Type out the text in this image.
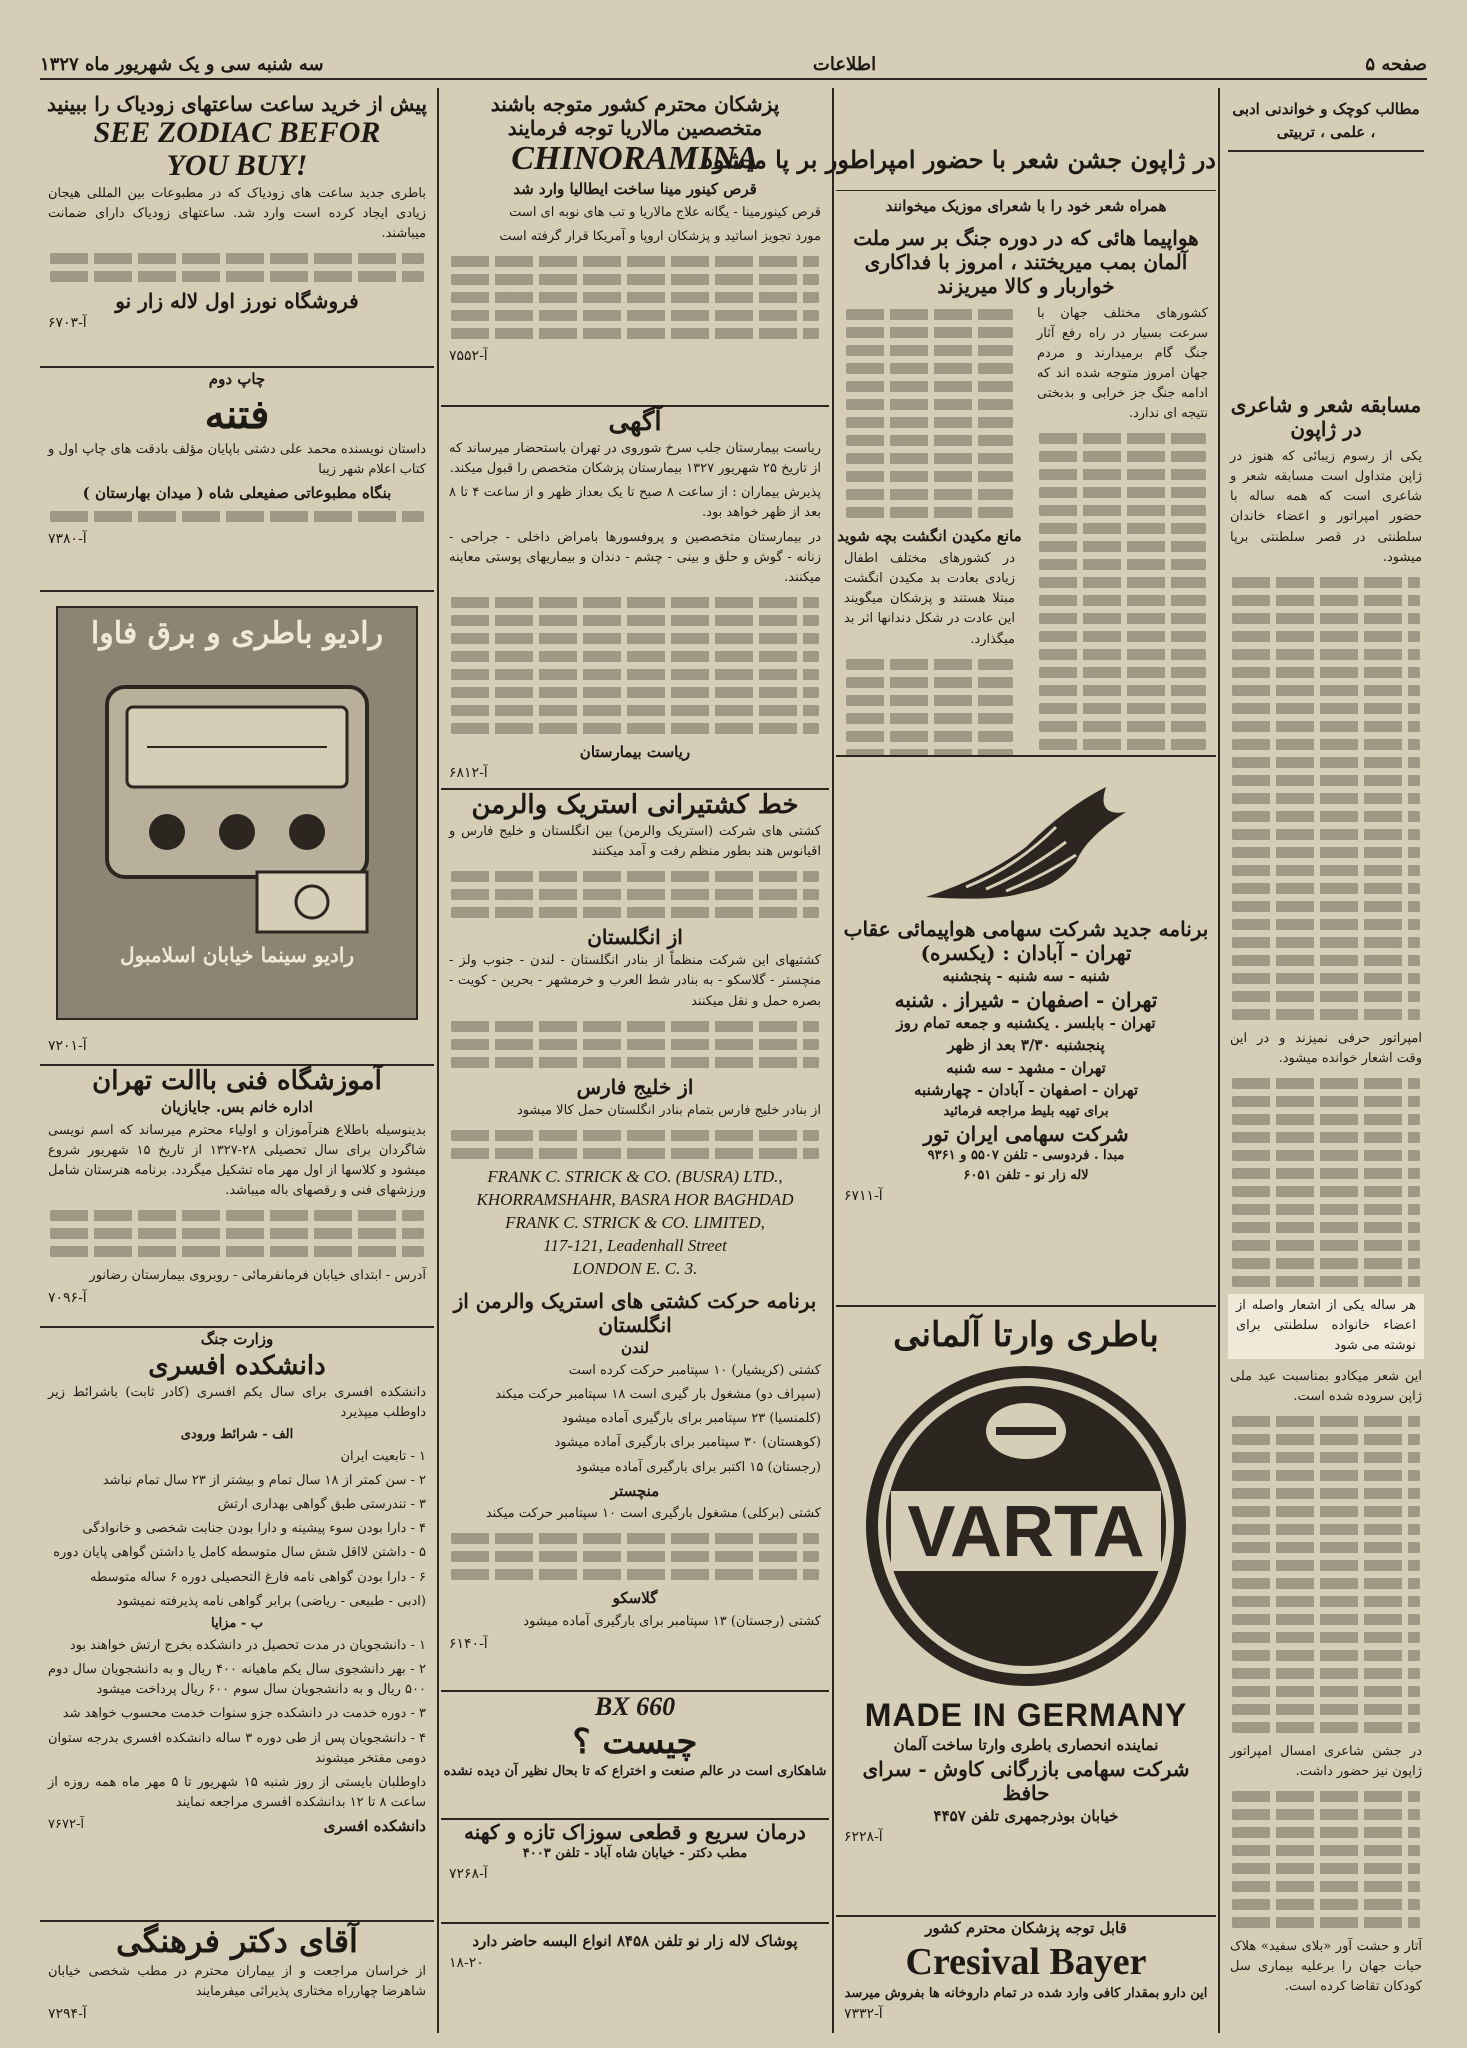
صفحه ۵
اطلاعات
سه شنبه سی و یک شهریور ماه ۱۳۲۷
مطالب کوچک و خواندنی ادبی ، علمی ، تربیتی
مسابقه شعر و شاعری در ژاپون
یکی از رسوم زیبائی که هنوز در ژاپن متداول است مسابقه شعر و شاعری است که همه ساله با حضور امپراتور و اعضاء خاندان سلطنتی در قصر سلطنتی برپا میشود.
امپراتور حرفی نمیزند و در این وقت اشعار خوانده میشود.
هر ساله یکی از اشعار واصله از اعضاء خانواده سلطنتی برای نوشته می شود
این شعر میکادو بمناسبت عید ملی ژاپن سروده شده است.
در جشن شاعری امسال امپراتور ژاپون نیز حضور داشت.
آتار و حشت آور «بلای سفید» هلاک حیات جهان را برعلیه بیماری سل کودکان تقاضا کرده است.
در ژاپون جشن شعر با حضور امپراطور بر پا میشود
همراه شعر خود را با شعرای موزیک میخوانند
هواپیما هائی که در دوره جنگ بر سر ملت آلمان بمب میریختند ، امروز با فداکاری خواربار و کالا میریزند
کشورهای مختلف جهان با سرعت بسیار در راه رفع آثار جنگ گام برمیدارند و مردم جهان امروز متوجه شده اند که ادامه جنگ جز خرابی و بدبختی نتیجه ای ندارد.
مانع مکیدن انگشت بچه شوید
در کشورهای مختلف اطفال زیادی بعادت بد مکیدن انگشت مبتلا هستند و پزشکان میگویند این عادت در شکل دندانها اثر بد میگذارد.
برنامه جدید شرکت سهامی هواپیمائی عقاب
تهران - آبادان : (یکسره)
شنبه - سه شنبه - پنجشنبه
تهران - اصفهان - شیراز . شنبه
تهران - بابلسر . یکشنبه و جمعه تمام روز
پنجشنبه ۳/۳۰ بعد از ظهر
تهران - مشهد - سه شنبه
تهران - اصفهان - آبادان - چهارشنبه
برای تهیه بلیط مراجعه فرمائید
شرکت سهامی ایران تور
مبدا . فردوسی - تلفن ۵۵۰۷ و ۹۳۶۱
لاله زار نو - تلفن ۶۰۵۱
آ-۶۷۱۱
باطری وارتا آلمانی
VARTA
MADE IN GERMANY
نماینده انحصاری باطری وارتا ساخت آلمان
شرکت سهامی بازرگانی کاوش - سرای حافظ
خیابان بوذرجمهری تلفن ۴۴۵۷
آ-۶۲۲۸
قابل توجه پزشکان محترم کشور
Cresival Bayer
این دارو بمقدار کافی وارد شده در تمام داروخانه ها بفروش میرسد
آ-۷۳۳۲
پزشکان محترم کشور متوجه باشند
متخصصین مالاریا توجه فرمایند
CHINORAMINA
قرص کینور مینا ساخت ایطالیا وارد شد
قرص کینورمینا - یگانه علاج مالاریا و تب های نوبه ای است
مورد تجویز اساتید و پزشکان اروپا و آمریکا قرار گرفته است
آ-۷۵۵۲
آگهی
ریاست بیمارستان جلب سرخ شوروی در تهران باستحضار میرساند که از تاریخ ۲۵ شهریور ۱۳۲۷ بیمارستان پزشکان متخصص را قبول میکند.
پذیرش بیماران : از ساعت ۸ صبح تا یک بعداز ظهر و از ساعت ۴ تا ۸ بعد از ظهر خواهد بود.
در بیمارستان متخصصین و پروفسورها بامراض داخلی - جراحی - زنانه - گوش و حلق و بینی - چشم - دندان و بیماریهای پوستی معاینه میکنند.
ریاست بیمارستان
آ-۶۸۱۲
خط کشتیرانی استریک والرمن
کشتی های شرکت (استریک والرمن) بین انگلستان و خلیج فارس و اقیانوس هند بطور منظم رفت و آمد میکنند
از انگلستان
کشتیهای این شرکت منظماً از بنادر انگلستان - لندن - جنوب ولز - منچستر - گلاسکو - به بنادر شط العرب و خرمشهر - بحرین - کویت - بصره حمل و نقل میکنند
از خلیج فارس
از بنادر خلیج فارس بتمام بنادر انگلستان حمل کالا میشود
FRANK C. STRICK & CO. (BUSRA) LTD.,
KHORRAMSHAHR, BASRA HOR BAGHDAD
FRANK C. STRICK & CO. LIMITED,
117-121, Leadenhall Street
LONDON E. C. 3.
برنامه حرکت کشتی های استریک والرمن از انگلستان
لندن
کشتی (کریشیار) ۱۰ سپتامبر حرکت کرده است
(سپراف دو) مشغول بار گیری است ۱۸ سپتامبر حرکت میکند
(کلمنسیا) ۲۳ سپتامبر برای بارگیری آماده میشود
(کوهستان) ۳۰ سپتامبر برای بارگیری آماده میشود
(رجستان) ۱۵ اکتبر برای بارگیری آماده میشود
منچستر
کشتی (برکلی) مشغول بارگیری است ۱۰ سپتامبر حرکت میکند
گلاسکو
کشتی (رجستان) ۱۳ سپتامبر برای بارگیری آماده میشود
آ-۶۱۴۰
BX 660
چیست ؟
شاهکاری است در عالم صنعت و اختراع که تا بحال نظیر آن دیده نشده
درمان سریع و قطعی سوزاک تازه و کهنه
مطب دکتر - خیابان شاه آباد - تلفن ۴۰۰۳
آ-۷۲۶۸
پوشاک لاله زار نو تلفن ۸۴۵۸ انواع البسه حاضر دارد
۱۸-۲۰
پیش از خرید ساعت ساعتهای زودیاک را ببینید
SEE ZODIAC BEFOR
YOU BUY!
باطری جدید ساعت های زودیاک که در مطبوعات بین المللی هیجان زیادی ایجاد کرده است وارد شد. ساعتهای زودیاک دارای ضمانت میباشند.
فروشگاه نورز اول لاله زار نو
آ-۶۷۰۳
چاپ دوم
فتنه
داستان نویسنده محمد علی دشتی باپایان مؤلف بادقت های چاپ اول و کتاب اعلام شهر زیبا
بنگاه مطبوعاتی صفیعلی شاه ( میدان بهارستان )
آ-۷۳۸۰
رادیو باطری و برق فاوا
رادیو سینما خیابان اسلامبول
آ-۷۲۰۱
آموزشگاه فنی باالت تهران
اداره خانم بس. جایازیان
بدینوسیله باطلاع هنرآموزان و اولیاء محترم میرساند که اسم نویسی شاگردان برای سال تحصیلی ۲۸-۱۳۲۷ از تاریخ ۱۵ شهریور شروع میشود و کلاسها از اول مهر ماه تشکیل میگردد. برنامه هنرستان شامل ورزشهای فنی و رقصهای باله میباشد.
آدرس - ابتدای خیابان فرمانفرمائی - روبروی بیمارستان رضانور
آ-۷۰۹۶
وزارت جنگ
دانشکده افسری
دانشکده افسری برای سال یکم افسری (کادر ثابت) باشرائط زیر داوطلب میپذیرد
الف - شرائط ورودی
۱ - تابعیت ایران
۲ - سن کمتر از ۱۸ سال تمام و بیشتر از ۲۳ سال تمام نباشد
۳ - تندرستی طبق گواهی بهداری ارتش
۴ - دارا بودن سوء پیشینه و دارا بودن جنابت شخصی و خانوادگی
۵ - داشتن لااقل شش سال متوسطه کامل یا داشتن گواهی پایان دوره
۶ - دارا بودن گواهی نامه فارغ التحصیلی دوره ۶ ساله متوسطه
(ادبی - طبیعی - ریاضی) برابر گواهی نامه پذیرفته نمیشود
ب - مزایا
۱ - دانشجویان در مدت تحصیل در دانشکده بخرج ارتش خواهند بود
۲ - بهر دانشجوی سال یکم ماهیانه ۴۰۰ ریال و به دانشجویان سال دوم ۵۰۰ ریال و به دانشجویان سال سوم ۶۰۰ ریال پرداخت میشود
۳ - دوره خدمت در دانشکده جزو سنوات خدمت محسوب خواهد شد
۴ - دانشجویان پس از طی دوره ۳ ساله دانشکده افسری بدرجه ستوان دومی مفتخر میشوند
داوطلبان بایستی از روز شنبه ۱۵ شهریور تا ۵ مهر ماه همه روزه از ساعت ۸ تا ۱۲ بدانشکده افسری مراجعه نمایند
دانشکده افسری
آ-۷۶۷۲
آقای دکتر فرهنگی
از خراسان مراجعت و از بیماران محترم در مطب شخصی خیابان شاهرضا چهارراه مختاری پذیرائی میفرمایند
آ-۷۲۹۴
